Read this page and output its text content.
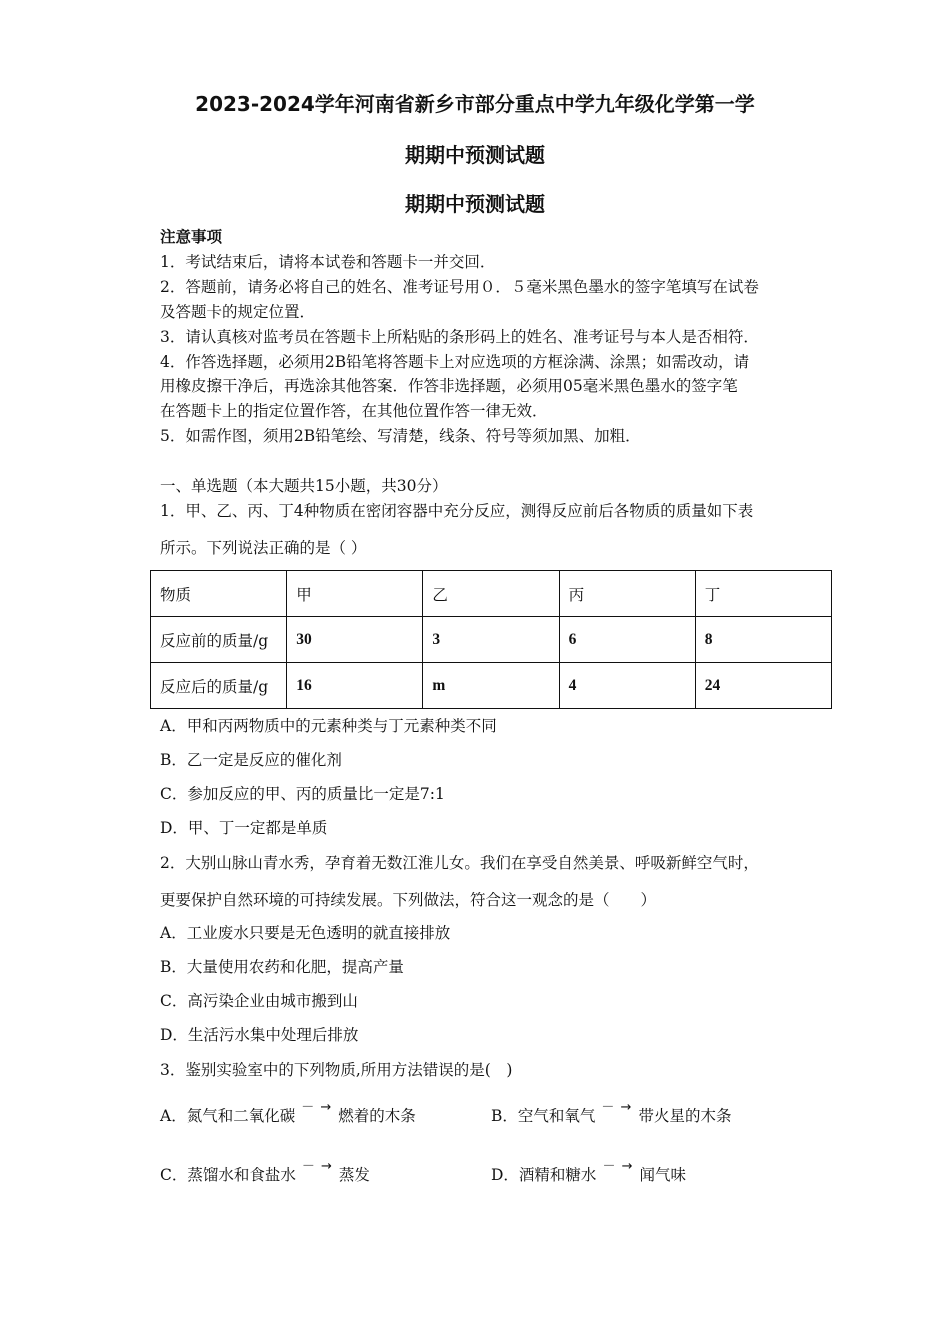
2023-2024学年河南省新乡市部分重点中学九年级化学第一学
期期中预测试题
期期中预测试题
注意事项
1．考试结束后，请将本试卷和答题卡一并交回．
2．答题前，请务必将自己的姓名、准考证号用０．５毫米黑色墨水的签字笔填写在试卷
及答题卡的规定位置．
3．请认真核对监考员在答题卡上所粘贴的条形码上的姓名、准考证号与本人是否相符．
4．作答选择题，必须用2B铅笔将答题卡上对应选项的方框涂满、涂黑；如需改动，请
用橡皮擦干净后，再选涂其他答案．作答非选择题，必须用05毫米黑色墨水的签字笔
在答题卡上的指定位置作答，在其他位置作答一律无效．
5．如需作图，须用2B铅笔绘、写清楚，线条、符号等须加黑、加粗．
一、单选题（本大题共15小题，共30分）
1．甲、乙、丙、丁4种物质在密闭容器中充分反应，测得反应前后各物质的质量如下表
所示。下列说法正确的是（ ）
物质	甲	乙	丙	丁
反应前的质量/g	30	3	6	8
反应后的质量/g	16	m	4	24
A．甲和丙两物质中的元素种类与丁元素种类不同
B．乙一定是反应的催化剂
C．参加反应的甲、丙的质量比一定是7:1
D．甲、丁一定都是单质
2．大别山脉山青水秀，孕育着无数江淮儿女。我们在享受自然美景、呼吸新鲜空气时，
更要保护自然环境的可持续发展。下列做法，符合这一观念的是（　　）
A．工业废水只要是无色透明的就直接排放
B．大量使用农药和化肥，提高产量
C．高污染企业由城市搬到山
D．生活污水集中处理后排放
3．鉴别实验室中的下列物质,所用方法错误的是(　)
A．氮气和二氧化碳 － → 燃着的木条	B．空气和氧气 － → 带火星的木条
C．蒸馏水和食盐水 － → 蒸发	D．酒精和糖水 － → 闻气味
